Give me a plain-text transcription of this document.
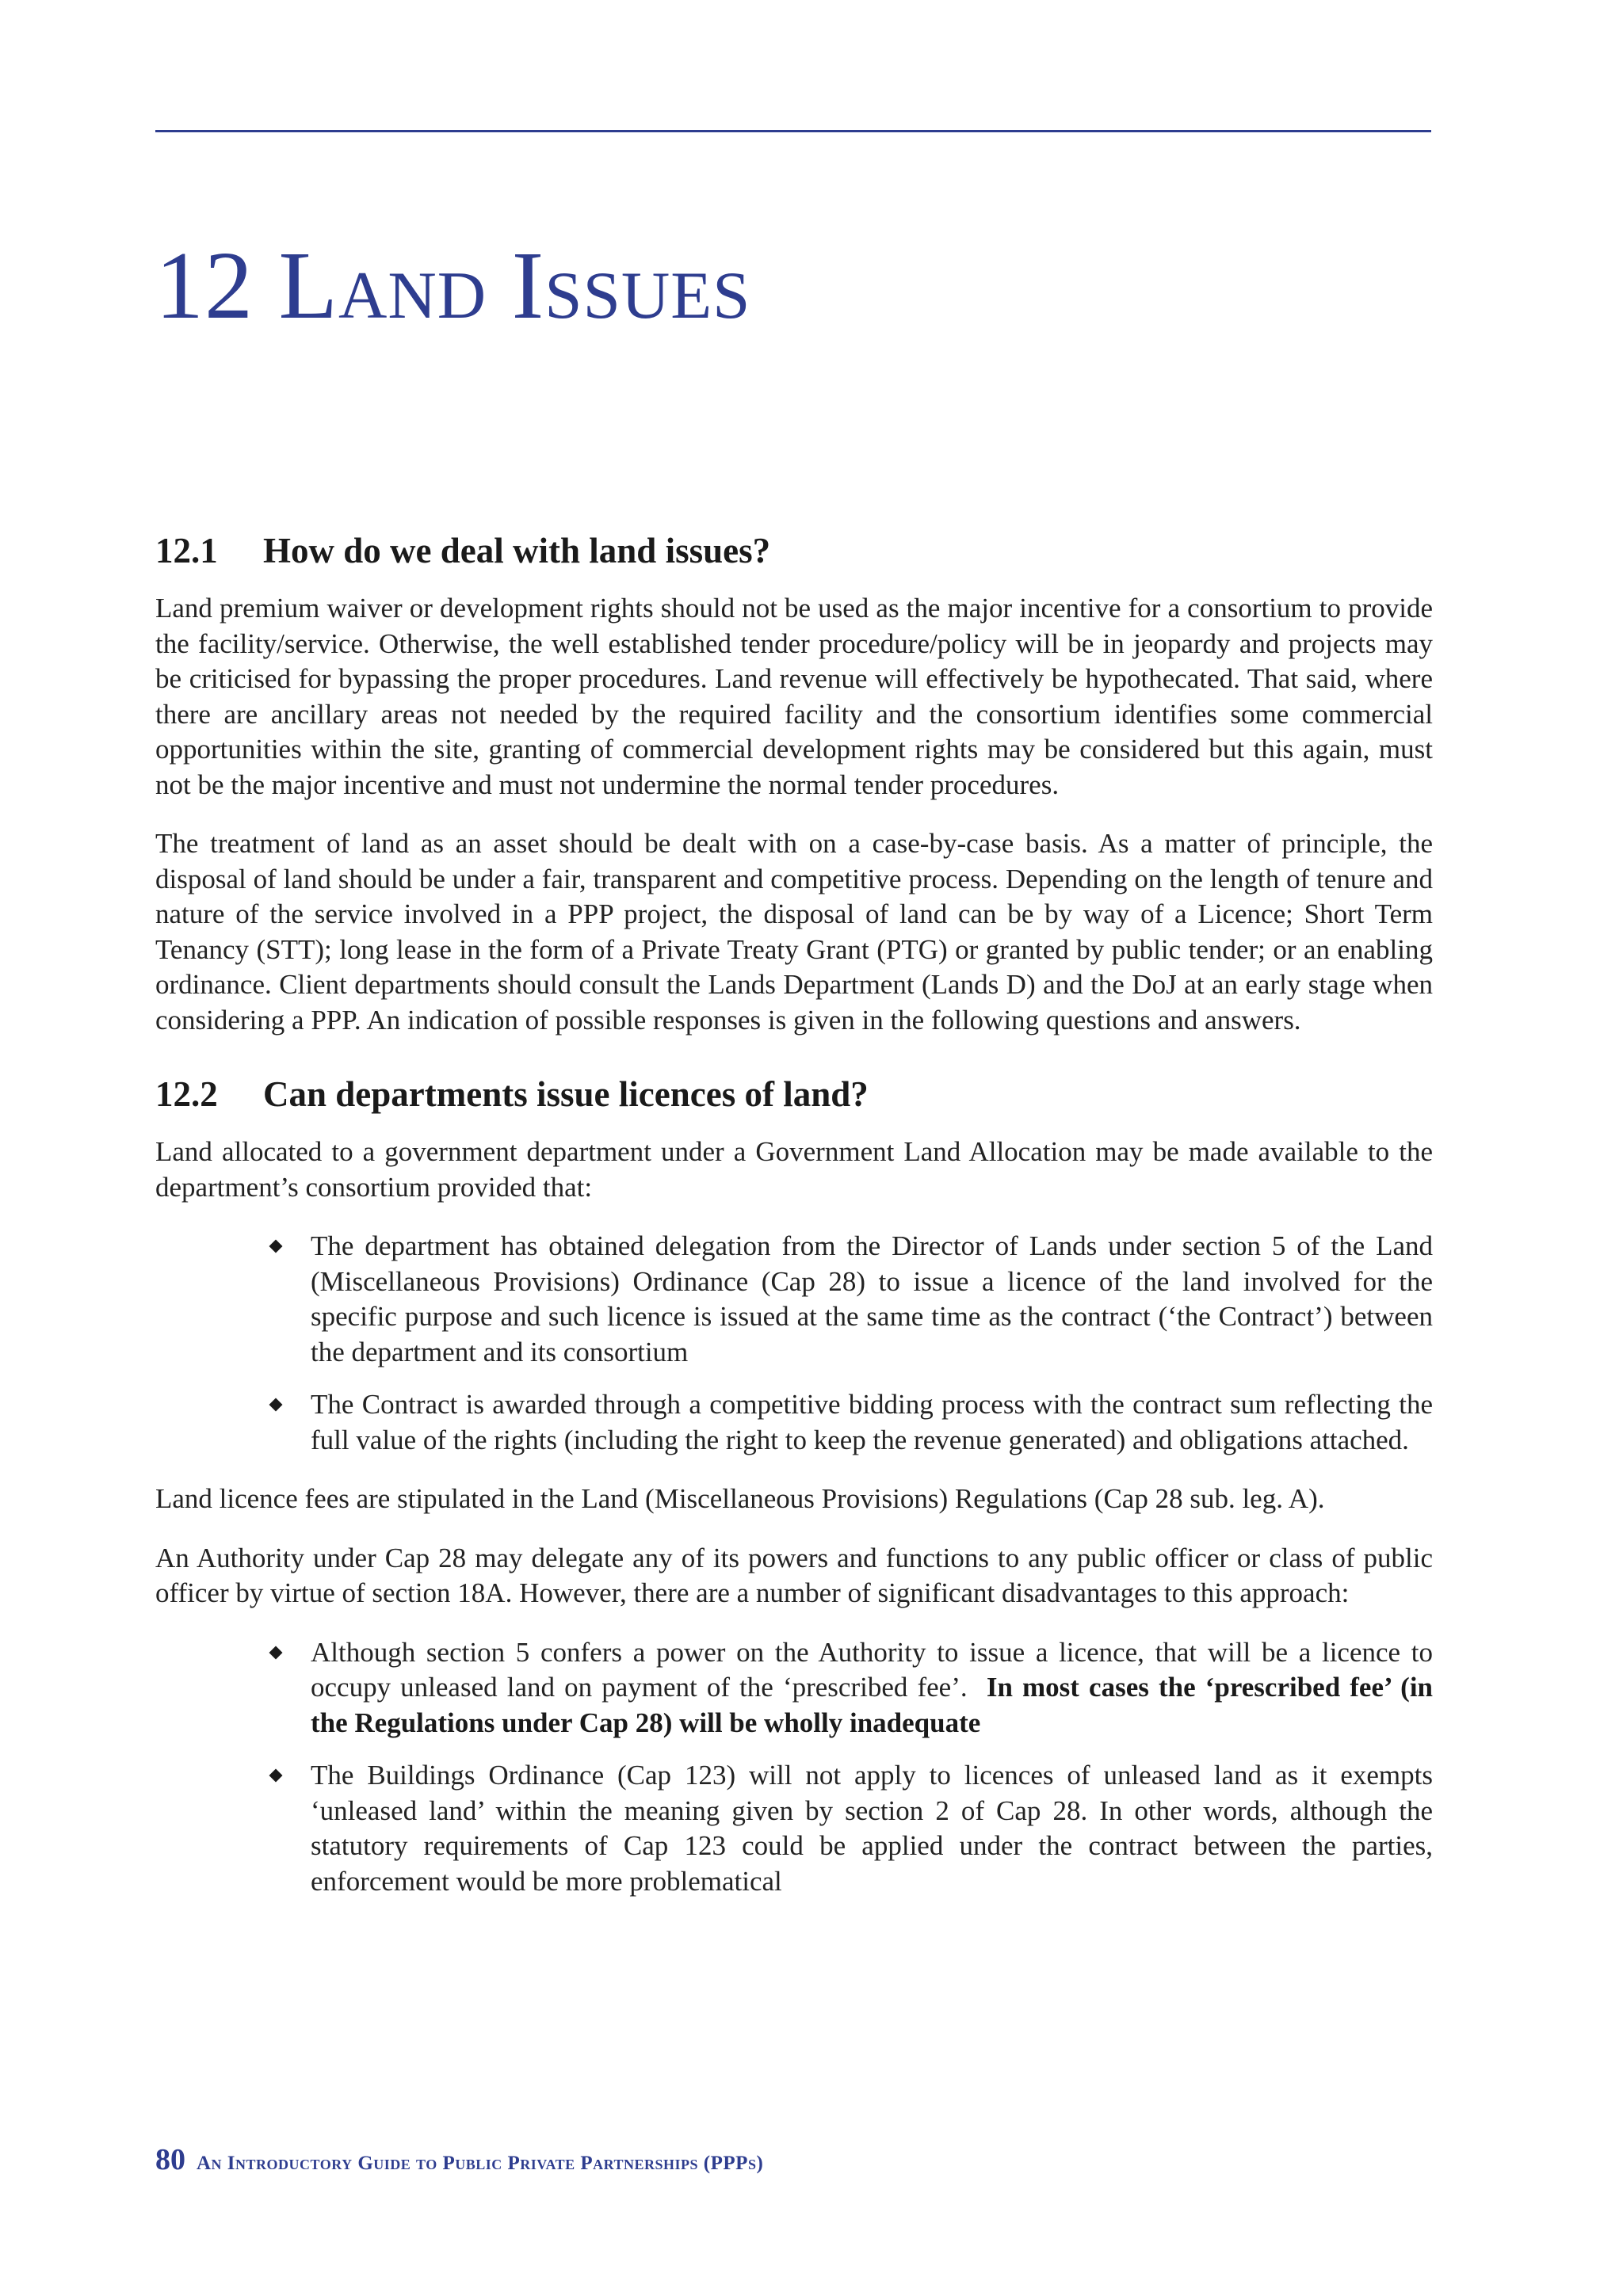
12 Land Issues
12.1 How do we deal with land issues?

Land premium waiver or development rights should not be used as the major incentive for a consortium to provide the facility/service. Otherwise, the well established tender procedure/policy will be in jeopardy and projects may be criticised for bypassing the proper procedures. Land revenue will effectively be hypothecated. That said, where there are ancillary areas not needed by the required facility and the consortium identifies some commercial opportunities within the site, granting of commercial development rights may be considered but this again, must not be the major incentive and must not undermine the normal tender procedures.

The treatment of land as an asset should be dealt with on a case-by-case basis. As a matter of principle, the disposal of land should be under a fair, transparent and competitive process. Depending on the length of tenure and nature of the service involved in a PPP project, the disposal of land can be by way of a Licence; Short Term Tenancy (STT); long lease in the form of a Private Treaty Grant (PTG) or granted by public tender; or an enabling ordinance. Client departments should consult the Lands Department (Lands D) and the DoJ at an early stage when considering a PPP. An indication of possible responses is given in the following questions and answers.

12.2 Can departments issue licences of land?

Land allocated to a government department under a Government Land Allocation may be made available to the department’s consortium provided that:

The department has obtained delegation from the Director of Lands under section 5 of the Land (Miscellaneous Provisions) Ordinance (Cap 28) to issue a licence of the land involved for the specific purpose and such licence is issued at the same time as the contract (‘the Contract’) between the department and its consortium
The Contract is awarded through a competitive bidding process with the contract sum reflecting the full value of the rights (including the right to keep the revenue generated) and obligations attached.

Land licence fees are stipulated in the Land (Miscellaneous Provisions) Regulations (Cap 28 sub. leg. A).

An Authority under Cap 28 may delegate any of its powers and functions to any public officer or class of public officer by virtue of section 18A. However, there are a number of significant disadvantages to this approach:

Although section 5 confers a power on the Authority to issue a licence, that will be a licence to occupy unleased land on payment of the ‘prescribed fee’. In most cases the ‘prescribed fee’ (in the Regulations under Cap 28) will be wholly inadequate
The Buildings Ordinance (Cap 123) will not apply to licences of unleased land as it exempts ‘unleased land’ within the meaning given by section 2 of Cap 28. In other words, although the statutory requirements of Cap 123 could be applied under the contract between the parties, enforcement would be more problematical
80 An Introductory Guide to Public Private Partnerships (PPPs)
